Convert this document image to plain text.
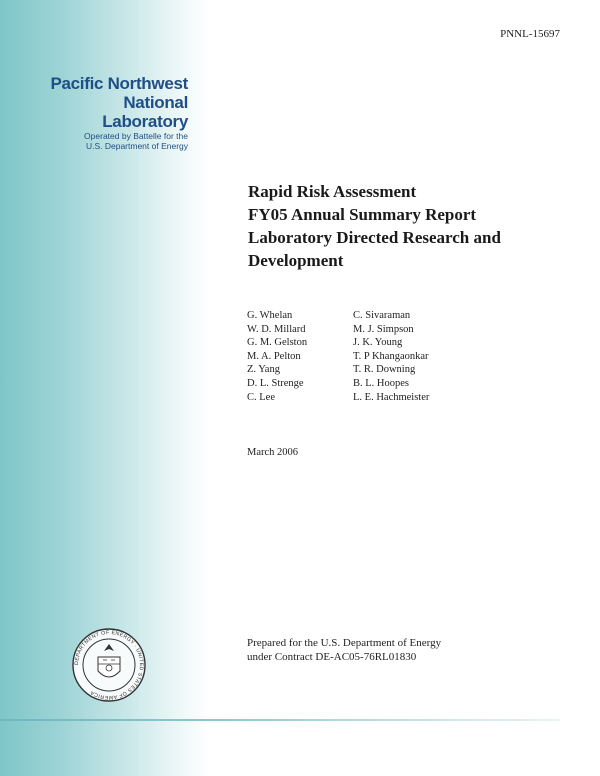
PNNL-15697
Pacific Northwest
National Laboratory
Operated by Battelle for the
U.S. Department of Energy
Rapid Risk Assessment
FY05 Annual Summary Report
Laboratory Directed Research and
Development
G. Whelan
W. D. Millard
G. M. Gelston
M. A. Pelton
Z. Yang
D. L. Strenge
C. Lee
C. Sivaraman
M. J. Simpson
J. K. Young
T. P Khangaonkar
T. R. Downing
B. L. Hoopes
L. E. Hachmeister
March 2006
DEPARTMENT OF ENERGY · UNITED STATES OF AMERICA
Prepared for the U.S. Department of Energy
under Contract DE-AC05-76RL01830
